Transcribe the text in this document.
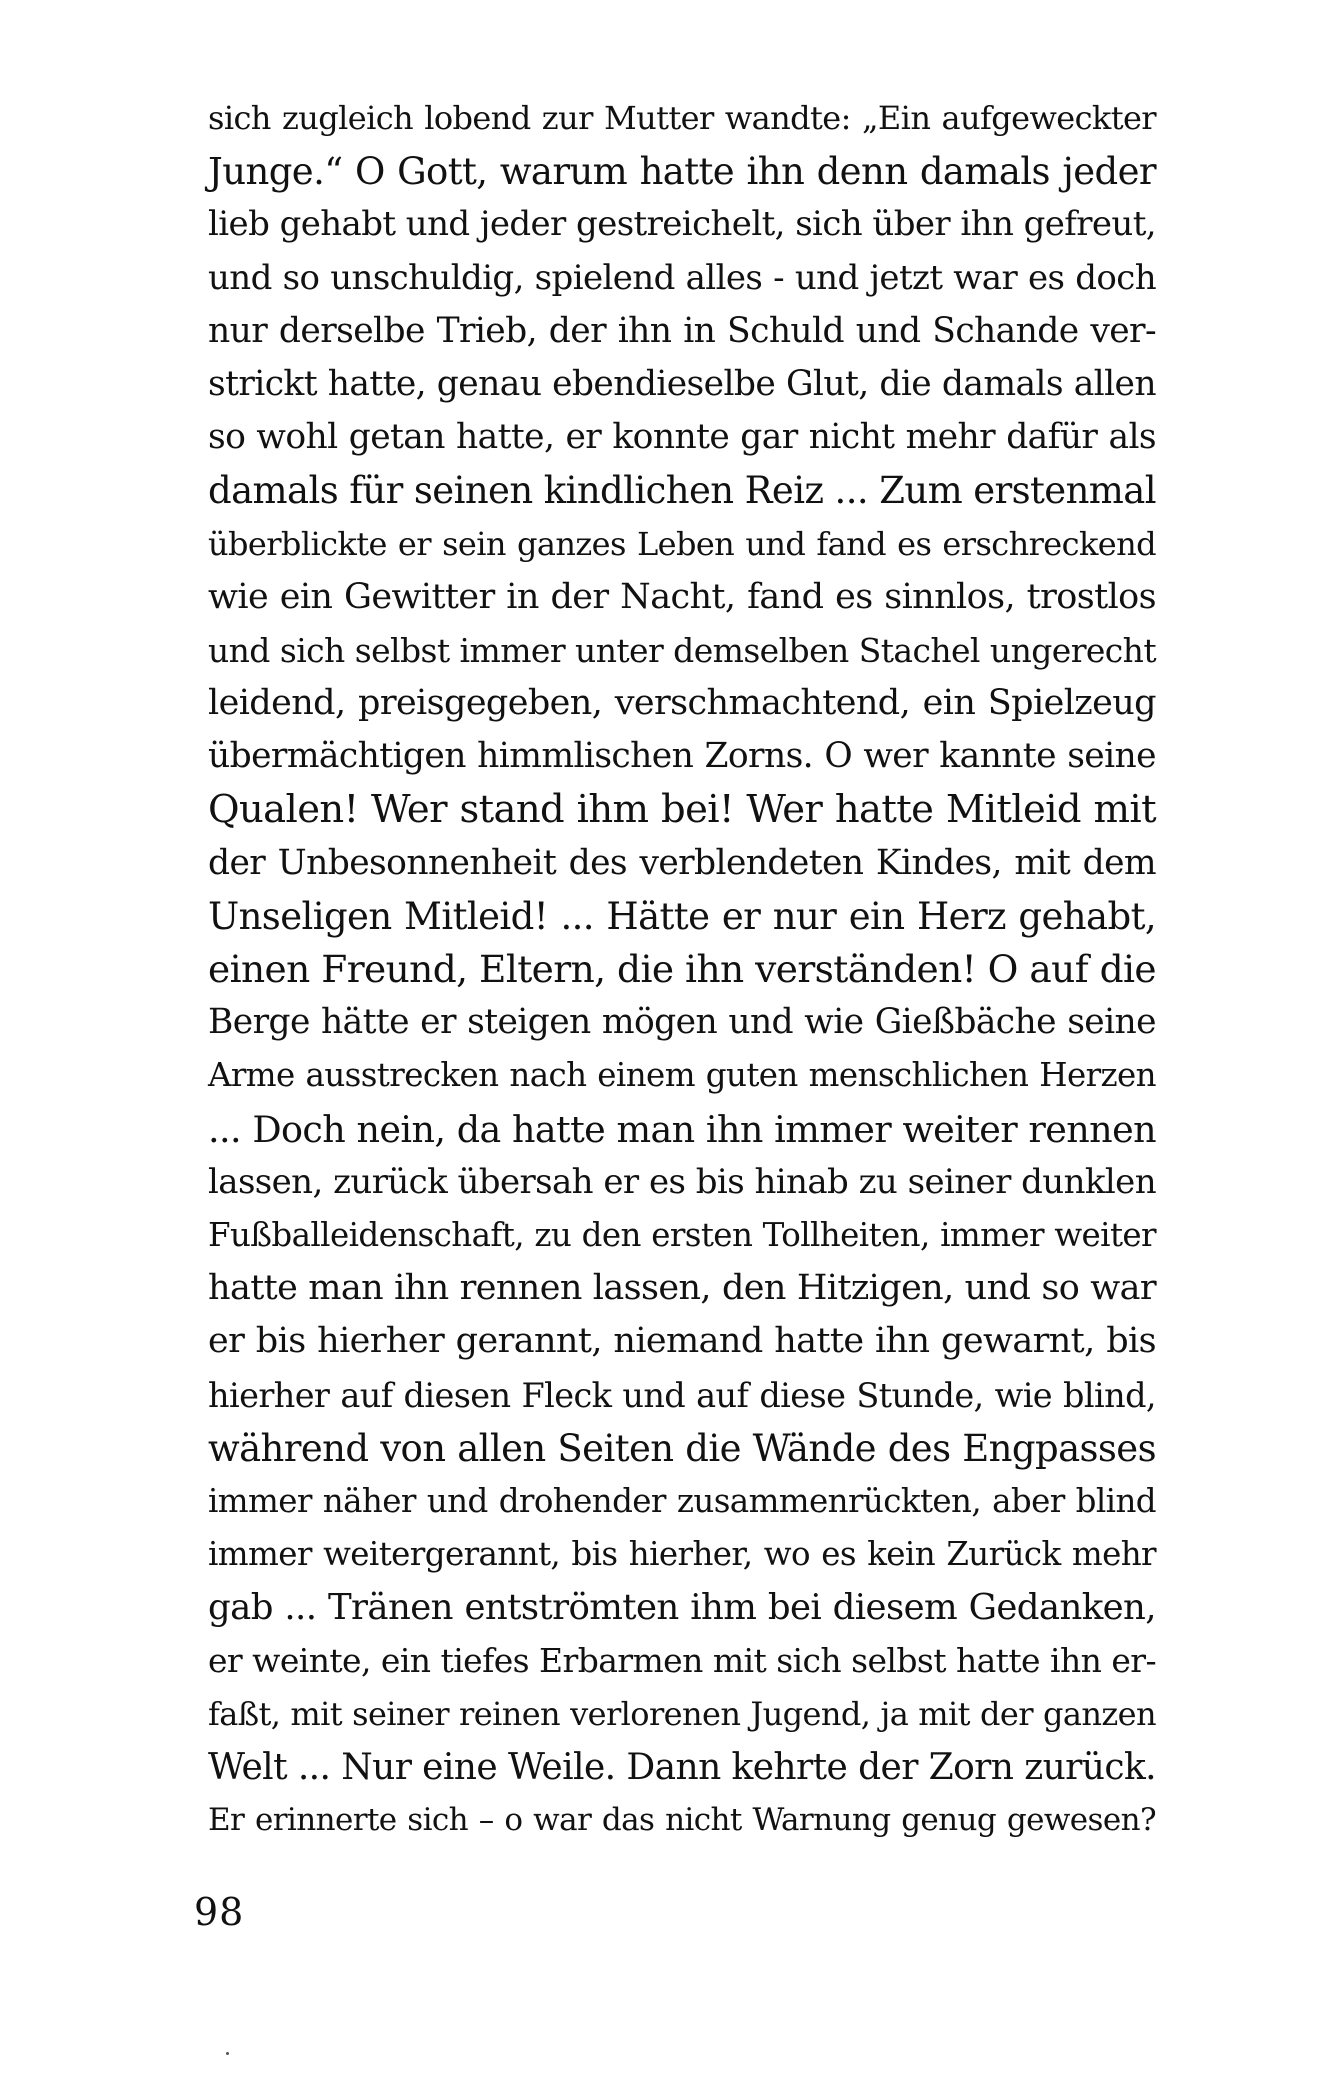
sich zugleich lobend zur Mutter wandte: „Ein aufgeweckter
Junge.“ O Gott, warum hatte ihn denn damals jeder
lieb gehabt und jeder gestreichelt, sich über ihn gefreut,
und so unschuldig, spielend alles - und jetzt war es doch
nur derselbe Trieb, der ihn in Schuld und Schande ver-
strickt hatte, genau ebendieselbe Glut, die damals allen
so wohl getan hatte, er konnte gar nicht mehr dafür als
damals für seinen kindlichen Reiz ... Zum erstenmal
überblickte er sein ganzes Leben und fand es erschreckend
wie ein Gewitter in der Nacht, fand es sinnlos, trostlos
und sich selbst immer unter demselben Stachel ungerecht
leidend, preisgegeben, verschmachtend, ein Spielzeug
übermächtigen himmlischen Zorns. O wer kannte seine
Qualen! Wer stand ihm bei! Wer hatte Mitleid mit
der Unbesonnenheit des verblendeten Kindes, mit dem
Unseligen Mitleid! ... Hätte er nur ein Herz gehabt,
einen Freund, Eltern, die ihn verständen! O auf die
Berge hätte er steigen mögen und wie Gießbäche seine
Arme ausstrecken nach einem guten menschlichen Herzen
... Doch nein, da hatte man ihn immer weiter rennen
lassen, zurück übersah er es bis hinab zu seiner dunklen
Fußballeidenschaft, zu den ersten Tollheiten, immer weiter
hatte man ihn rennen lassen, den Hitzigen, und so war
er bis hierher gerannt, niemand hatte ihn gewarnt, bis
hierher auf diesen Fleck und auf diese Stunde, wie blind,
während von allen Seiten die Wände des Engpasses
immer näher und drohender zusammenrückten, aber blind
immer weitergerannt, bis hierher, wo es kein Zurück mehr
gab ... Tränen entströmten ihm bei diesem Gedanken,
er weinte, ein tiefes Erbarmen mit sich selbst hatte ihn er-
faßt, mit seiner reinen verlorenen Jugend, ja mit der ganzen
Welt ... Nur eine Weile. Dann kehrte der Zorn zurück.
Er erinnerte sich – o war das nicht Warnung genug gewesen?
98
